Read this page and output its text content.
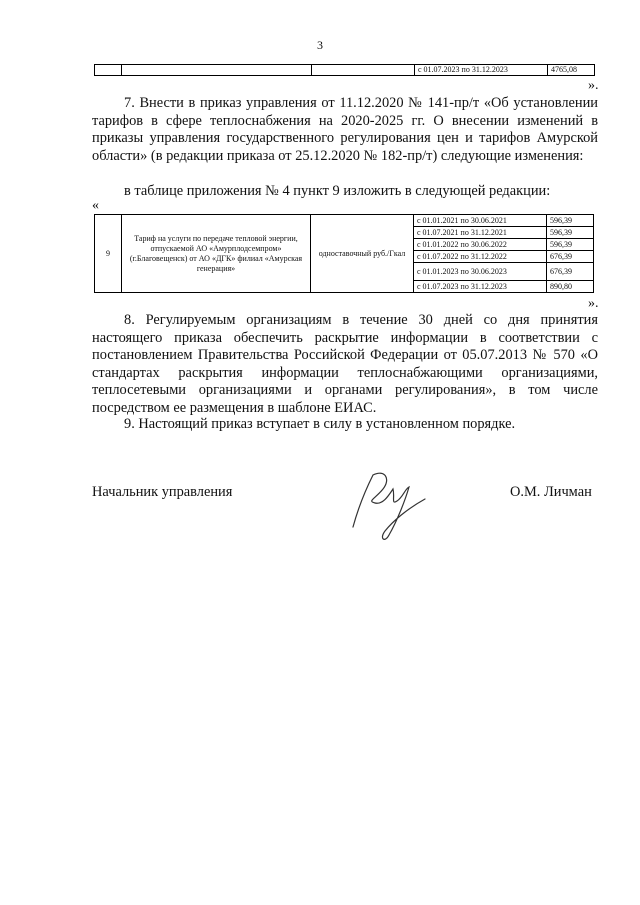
3
			с 01.07.2023 по 31.12.2023	4765,08
».
7. Внести в приказ управления от 11.12.2020 № 141-пр/т «Об установлении тарифов в сфере теплоснабжения на 2020-2025 гг. О внесении изменений в приказы управления государственного регулирования цен и тарифов Амурской области» (в редакции приказа от 25.12.2020 № 182-пр/т) следующие изменения:
в таблице приложения № 4 пункт 9 изложить в следующей редакции:
«
9	Тариф на услуги по передаче тепловой энергии, отпускаемой АО «Амурплодсемпром» (г.Благовещенск) от АО «ДГК» филиал «Амурская генерация»	одноставочный руб./Гкал	с 01.01.2021 по 30.06.2021	596,39
			с 01.07.2021 по 31.12.2021	596,39
			с 01.01.2022 по 30.06.2022	596,39
			с 01.07.2022 по 31.12.2022	676,39
			с 01.01.2023 по 30.06.2023	676,39
			с 01.07.2023 по 31.12.2023	890,80
».
8. Регулируемым организациям в течение 30 дней со дня принятия настоящего приказа обеспечить раскрытие информации в соответствии с постановлением Правительства Российской Федерации от 05.07.2013 № 570 «О стандартах раскрытия информации теплоснабжающими организациями, теплосетевыми организациями и органами регулирования», в том числе посредством ее размещения в шаблоне ЕИАС.
9. Настоящий приказ вступает в силу в установленном порядке.
Начальник управления	О.М. Личман
